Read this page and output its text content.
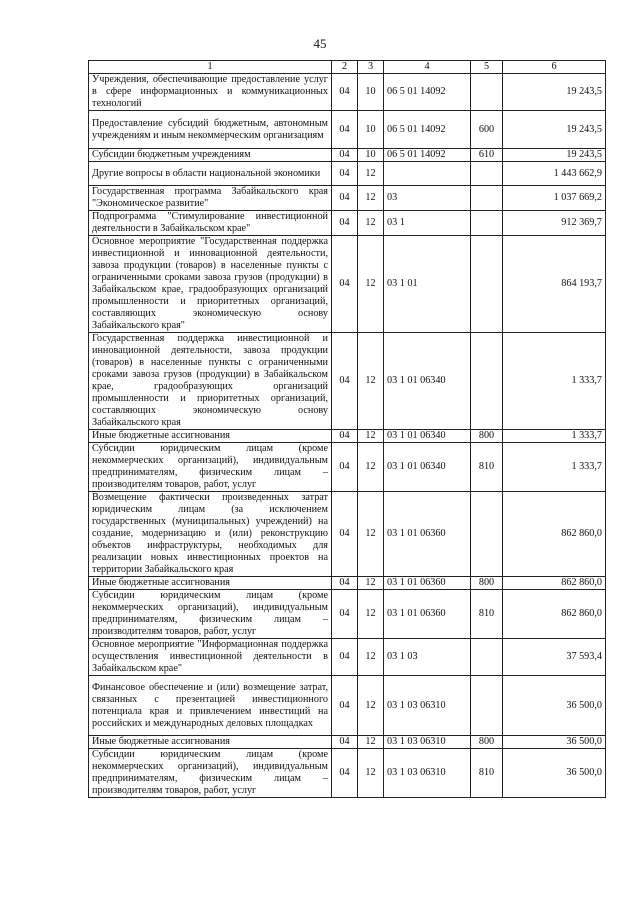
45
1	2	3	4	5	6
Учреждения, обеспечивающие предоставление услуг в сфере информационных и коммуникационных технологий	04	10	06 5 01 14092		19 243,5
Предоставление субсидий бюджетным, автономным учреждениям и иным некоммерческим организациям	04	10	06 5 01 14092	600	19 243,5
Субсидии бюджетным учреждениям	04	10	06 5 01 14092	610	19 243,5
Другие вопросы в области национальной экономики	04	12			1 443 662,9
Государственная программа Забайкальского края "Экономическое развитие"	04	12	03		1 037 669,2
Подпрограмма "Стимулирование инвестиционной деятельности в Забайкальском крае"	04	12	03 1		912 369,7
Основное мероприятие "Государственная поддержка инвестиционной и инновационной деятельности, завоза продукции (товаров) в населенные пункты с ограниченными сроками завоза грузов (продукции) в Забайкальском крае, градообразующих организаций промышленности и приоритетных организаций, составляющих экономическую основу Забайкальского края"	04	12	03 1 01		864 193,7
Государственная поддержка инвестиционной и инновационной деятельности, завоза продукции (товаров) в населенные пункты с ограниченными сроками завоза грузов (продукции) в Забайкальском крае, градообразующих организаций промышленности и приоритетных организаций, составляющих экономическую основу Забайкальского края	04	12	03 1 01 06340		1 333,7
Иные бюджетные ассигнования	04	12	03 1 01 06340	800	1 333,7
Субсидии юридическим лицам (кроме некоммерческих организаций), индивидуальным предпринимателям, физическим лицам – производителям товаров, работ, услуг	04	12	03 1 01 06340	810	1 333,7
Возмещение фактически произведенных затрат юридическим лицам (за исключением государственных (муниципальных) учреждений) на создание, модернизацию и (или) реконструкцию объектов инфраструктуры, необходимых для реализации новых инвестиционных проектов на территории Забайкальского края	04	12	03 1 01 06360		862 860,0
Иные бюджетные ассигнования	04	12	03 1 01 06360	800	862 860,0
Субсидии юридическим лицам (кроме некоммерческих организаций), индивидуальным предпринимателям, физическим лицам – производителям товаров, работ, услуг	04	12	03 1 01 06360	810	862 860,0
Основное мероприятие "Информационная поддержка осуществления инвестиционной деятельности в Забайкальском крае"	04	12	03 1 03		37 593,4
Финансовое обеспечение и (или) возмещение затрат, связанных с презентацией инвестиционного потенциала края и привлечением инвестиций на российских и международных деловых площадках	04	12	03 1 03 06310		36 500,0
Иные бюджетные ассигнования	04	12	03 1 03 06310	800	36 500,0
Субсидии юридическим лицам (кроме некоммерческих организаций), индивидуальным предпринимателям, физическим лицам – производителям товаров, работ, услуг	04	12	03 1 03 06310	810	36 500,0
